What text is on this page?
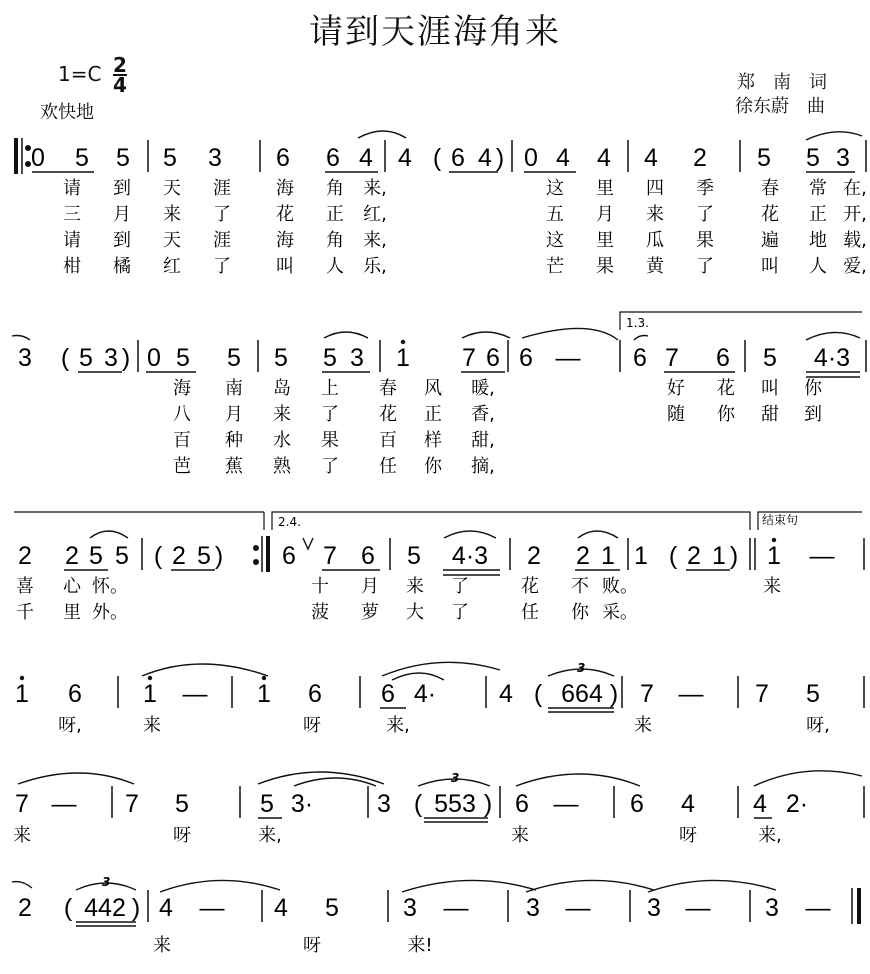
请到天涯海角来
1=C 2
4
欢快地
郑　南　词
徐东蔚　曲
0 5 5 5 3 6 6 4 4 ( 6 4 ) 0 4 4 4 2 5 5 3
请 到 天 涯	海 角 来,	这 里 四 季	春 常 在,
三 月 来 了	花 正 红,	五 月 来 了	花 正 开,
请 到 天 涯	海 角 来,	这 里 瓜 果	遍 地 载,
柑 橘 红 了	叫 人 乐,	芒 果 黄 了	叫 人 爱,
3 ( 5 3 ) 0 5 5 5 5 3 1 7 6 6 — 6 7 6 5 4·3
海 南 岛 上 春 风 暖,	好 花 叫 你
八 月 来 了 花 正 香,	随 你 甜 到
百 种 水 果 百 样 甜,
芭 蕉 熟 了 任 你 摘,
2 2 5 5 ( 2 5 ) 6 7 6 5 4·3 2 2 1 1 ( 2 1 ) 1 —
喜 心 怀。	十 月 来 了	花 不 败。	来
千 里 外。	菠 萝 大 了	任 你 采。
1 6 1 — 1 6 6 4·	4 ( 664 ) 7 — 7 5
呀,	来	呀	来,	来	呀,
7 — 7 5	5 3·	3 ( 553 ) 6 — 6 4 4 2·
来	呀	来,	来	呀	来,
2 ( 442 ) 4 — 4 5	3 — 3 — 3 — 3 —
来	呀	来!
1.3.
2.4.	结束句
3
3
3
